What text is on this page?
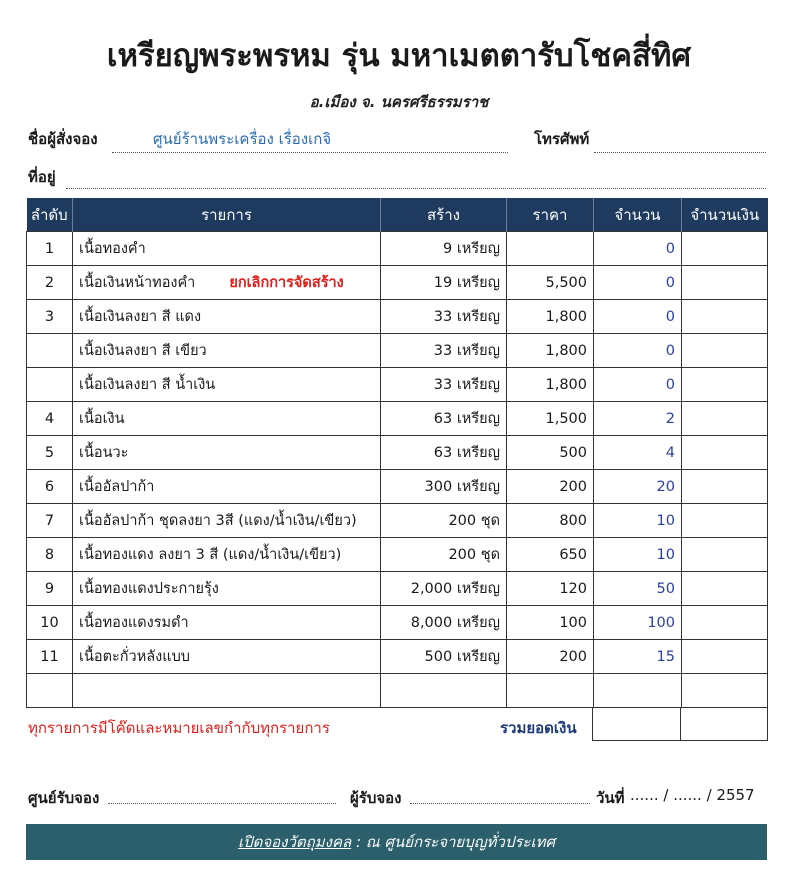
เหรียญพระพรหม รุ่น มหาเมตตารับโชคสี่ทิศ
อ.เมือง จ. นครศรีธรรมราช
ชื่อผู้สั่งจอง	ศูนย์ร้านพระเครื่อง เรื่องเกจิ	โทรศัพท์
ที่อยู่
ลำดับ	รายการ	สร้าง	ราคา	จำนวน	จำนวนเงิน
1	เนื้อทองคำ	9 เหรียญ		0	
2	เนื้อเงินหน้าทองคำ ยกเลิกการจัดสร้าง	19 เหรียญ	5,500	0	
3	เนื้อเงินลงยา สี แดง	33 เหรียญ	1,800	0	
	เนื้อเงินลงยา สี เขียว	33 เหรียญ	1,800	0	
	เนื้อเงินลงยา สี น้ำเงิน	33 เหรียญ	1,800	0	
4	เนื้อเงิน	63 เหรียญ	1,500	2	
5	เนื้อนวะ	63 เหรียญ	500	4	
6	เนื้ออัลปาก้า	300 เหรียญ	200	20	
7	เนื้ออัลปาก้า ชุดลงยา 3สี (แดง/น้ำเงิน/เขียว)	200 ชุด	800	10	
8	เนื้อทองแดง ลงยา 3 สี (แดง/น้ำเงิน/เขียว)	200 ชุด	650	10	
9	เนื้อทองแดงประกายรุ้ง	2,000 เหรียญ	120	50	
10	เนื้อทองแดงรมดำ	8,000 เหรียญ	100	100	
11	เนื้อตะกั่วหลังแบบ	500 เหรียญ	200	15	

ทุกรายการมีโค๊ดและหมายเลขกำกับทุกรายการ	รวมยอดเงิน
ศูนย์รับจอง	ผู้รับจอง	วันที่ ...... / ...... / 2557
เปิดจองวัตถุมงคล : ณ ศูนย์กระจายบุญทั่วประเทศ
